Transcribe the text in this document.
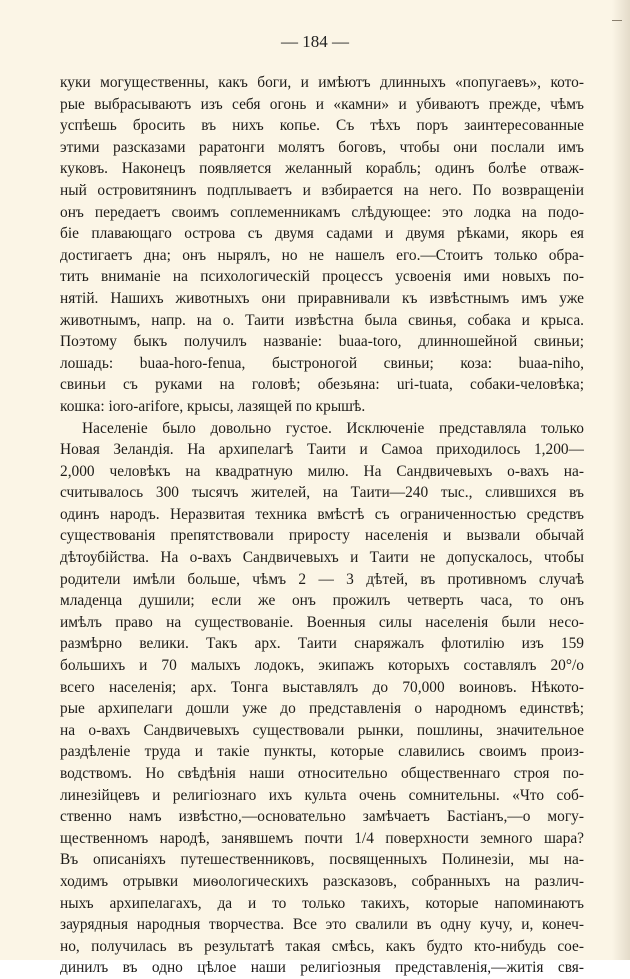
— 184 —
куки могущественны, какъ боги, и имѣютъ длинныхъ «попугаевъ», кото-
рые выбрасываютъ изъ себя огонь и «камни» и убиваютъ прежде, чѣмъ
успѣешь бросить въ нихъ копье. Съ тѣхъ поръ заинтересованные
этими разсказами раратонги молятъ боговъ, чтобы они послали имъ
куковъ. Наконецъ появляется желанный корабль; одинъ болѣе отваж-
ный островитянинъ подплываетъ и взбирается на него. По возвращеніи
онъ передаетъ своимъ соплеменникамъ слѣдующее: это лодка на подо-
біе плавающаго острова съ двумя садами и двумя рѣками, якорь ея
достигаетъ дна; онъ нырялъ, но не нашелъ его.—Стоитъ только обра-
тить вниманіе на психологическій процессъ усвоенія ими новыхъ по-
нятій. Нашихъ животныхъ они приравнивали къ извѣстнымъ имъ уже
животнымъ, напр. на о. Таити извѣстна была свинья, собака и крыса.
Поэтому быкъ получилъ названіе: buaa-toro, длинношейной свиньи;
лошадь: buaa-horo-fenua, быстроногой свиньи; коза: buaa-niho,
свиньи съ руками на головѣ; обезьяна: uri-tuata, собаки-человѣка;
кошка: ioro-arifore, крысы, лазящей по крышѣ.
Населеніе было довольно густое. Исключеніе представляла только
Новая Зеландія. На архипелагѣ Таити и Самоа приходилось 1,200—
2,000 человѣкъ на квадратную милю. На Сандвичевыхъ о-вахъ на-
считывалось 300 тысячъ жителей, на Таити—240 тыс., слившихся въ
одинъ народъ. Неразвитая техника вмѣстѣ съ ограниченностью средствъ
существованія препятствовали приросту населенія и вызвали обычай
дѣтоубійства. На о-вахъ Сандвичевыхъ и Таити не допускалось, чтобы
родители имѣли больше, чѣмъ 2 — 3 дѣтей, въ противномъ случаѣ
младенца душили; если же онъ прожилъ четверть часа, то онъ
имѣлъ право на существованіе. Военныя силы населенія были несо-
размѣрно велики. Такъ арх. Таити снаряжалъ флотилію изъ 159
большихъ и 70 малыхъ лодокъ, экипажъ которыхъ составлялъ 20°/о
всего населенія; арх. Тонга выставлялъ до 70,000 воиновъ. Нѣкото-
рые архипелаги дошли уже до представленія о народномъ единствѣ;
на о-вахъ Сандвичевыхъ существовали рынки, пошлины, значительное
раздѣленіе труда и такіе пункты, которые славились своимъ произ-
водствомъ. Но свѣдѣнія наши относительно общественнаго строя по-
линезійцевъ и религіознаго ихъ культа очень сомнительны. «Что соб-
ственно намъ извѣстно,—основательно замѣчаетъ Бастіанъ,—о могу-
щественномъ народѣ, занявшемъ почти 1/4 поверхности земного шара?
Въ описаніяхъ путешественниковъ, посвященныхъ Полинезіи, мы на-
ходимъ отрывки миѳологическихъ разсказовъ, собранныхъ на различ-
ныхъ архипелагахъ, да и то только такихъ, которые напоминаютъ
заурядныя народныя творчества. Все это свалили въ одну кучу, и, конеч-
но, получилась въ результатѣ такая смѣсь, какъ будто кто-нибудь сое-
динилъ въ одно цѣлое наши религіозныя представленія,—житія свя-
